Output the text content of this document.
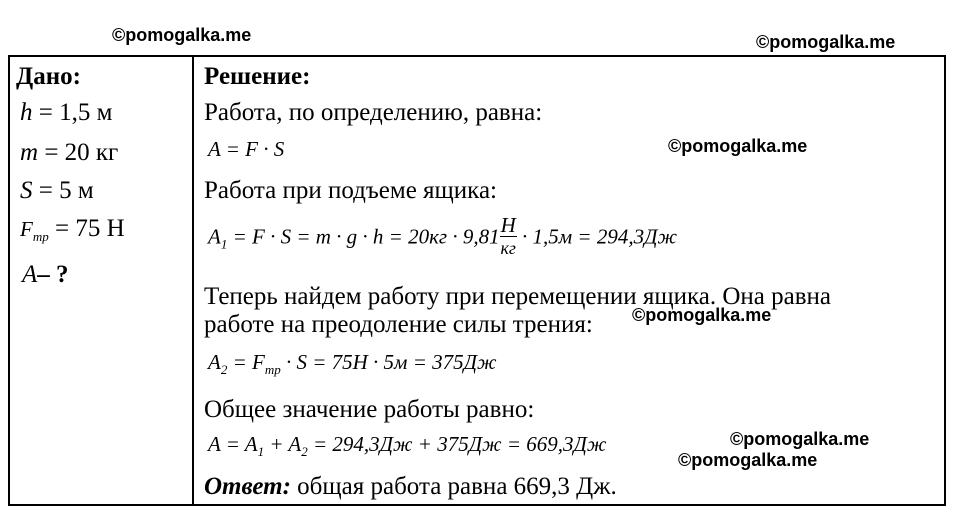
©pomogalka.me	©pomogalka.me
©pomogalka.me
©pomogalka.me
©pomogalka.me
©pomogalka.me
Дано:
h = 1,5 м
m = 20 кг
S = 5 м
$F_{тр} = 75$ Н
A– ?
Решение:
Работа, по определению, равна:
A = F · S
Работа при подъеме ящика:
$A_1 = F \cdot S = m \cdot g \cdot h = 20кг \cdot 9,81 \frac{H}{кг} \cdot 1,5м = 294,3Дж$
Теперь найдем работу при перемещении ящика. Она равна
работе на преодоление силы трения:
$A_2 = F_{тр} \cdot S = 75H \cdot 5м = 375Дж$
Общее значение работы равно:
$A = A_1 + A_2 = 294,3Дж + 375Дж = 669,3Дж$
Ответ: общая работа равна 669,3 Дж.
